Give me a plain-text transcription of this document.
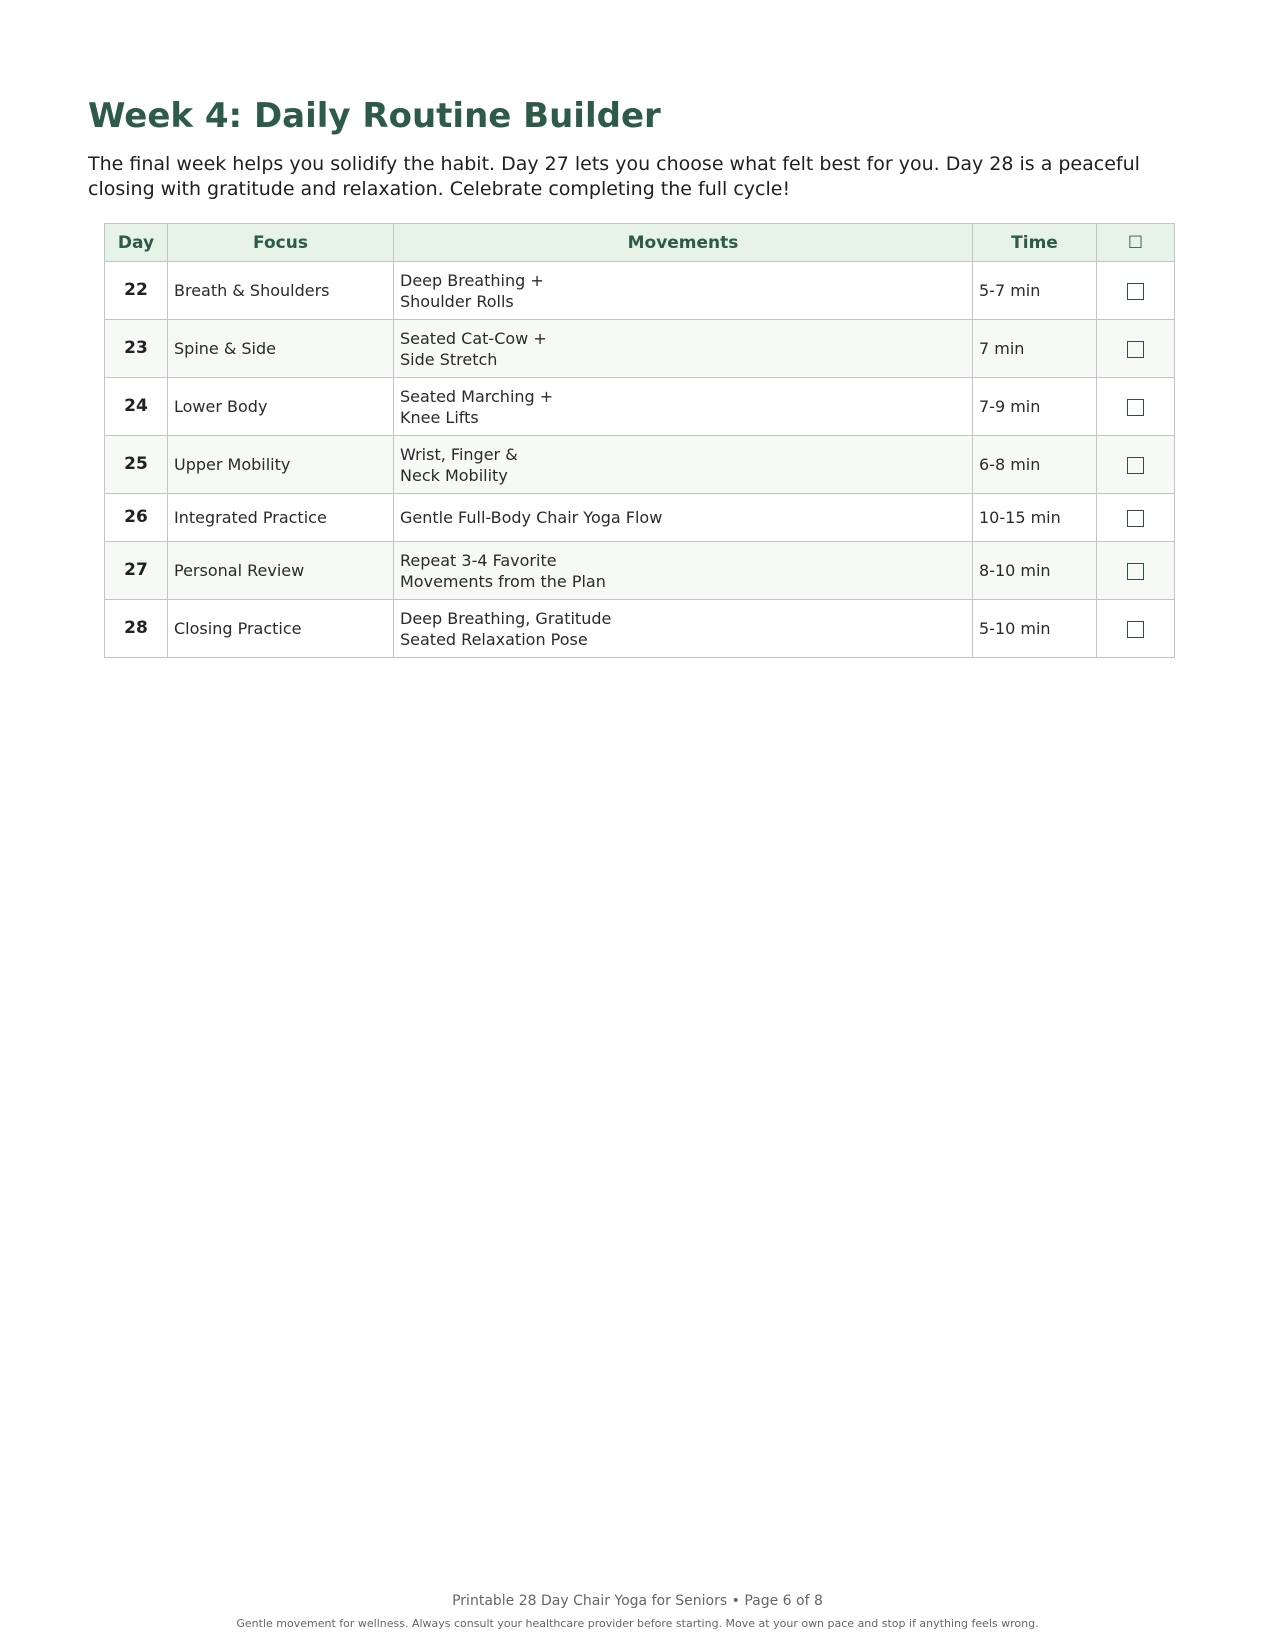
Week 4: Daily Routine Builder

The final week helps you solidify the habit. Day 27 lets you choose what felt best for you. Day 28 is a peaceful closing with gratitude and relaxation. Celebrate completing the full cycle!

Day	Focus	Movements	Time	☐
22	Breath & Shoulders	Deep Breathing +
Shoulder Rolls	5-7 min	
23	Spine & Side	Seated Cat-Cow +
Side Stretch	7 min	
24	Lower Body	Seated Marching +
Knee Lifts	7-9 min	
25	Upper Mobility	Wrist, Finger &
Neck Mobility	6-8 min	
26	Integrated Practice	Gentle Full-Body Chair Yoga Flow	10-15 min	
27	Personal Review	Repeat 3-4 Favorite
Movements from the Plan	8-10 min	
28	Closing Practice	Deep Breathing, Gratitude
Seated Relaxation Pose	5-10 min	
Printable 28 Day Chair Yoga for Seniors • Page 6 of 8
Gentle movement for wellness. Always consult your healthcare provider before starting. Move at your own pace and stop if anything feels wrong.
